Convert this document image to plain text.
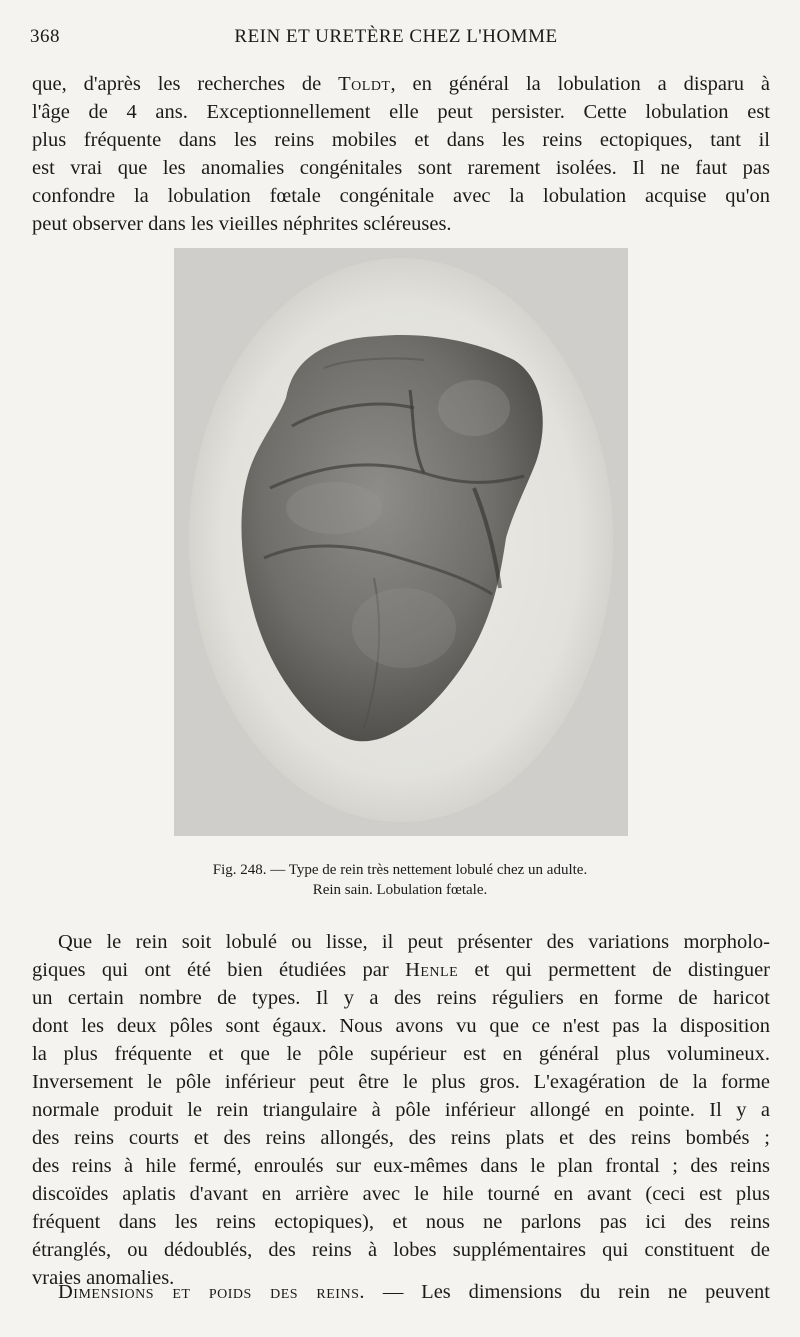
368	REIN ET URETÈRE CHEZ L'HOMME
que, d'après les recherches de Toldt, en général la lobulation a disparu à
l'âge de 4 ans. Exceptionnellement elle peut persister. Cette lobulation est
plus fréquente dans les reins mobiles et dans les reins ectopiques, tant il
est vrai que les anomalies congénitales sont rarement isolées. Il ne faut pas
confondre la lobulation fœtale congénitale avec la lobulation acquise qu'on
peut observer dans les vieilles néphrites scléreuses.
Fig. 248. — Type de rein très nettement lobulé chez un adulte.
Rein sain. Lobulation fœtale.
Que le rein soit lobulé ou lisse, il peut présenter des variations morpholo-
giques qui ont été bien étudiées par Henle et qui permettent de distinguer
un certain nombre de types. Il y a des reins réguliers en forme de haricot
dont les deux pôles sont égaux. Nous avons vu que ce n'est pas la disposition
la plus fréquente et que le pôle supérieur est en général plus volumineux.
Inversement le pôle inférieur peut être le plus gros. L'exagération de la forme
normale produit le rein triangulaire à pôle inférieur allongé en pointe. Il y a
des reins courts et des reins allongés, des reins plats et des reins bombés ;
des reins à hile fermé, enroulés sur eux-mêmes dans le plan frontal ; des reins
discoïdes aplatis d'avant en arrière avec le hile tourné en avant (ceci est plus
fréquent dans les reins ectopiques), et nous ne parlons pas ici des reins
étranglés, ou dédoublés, des reins à lobes supplémentaires qui constituent de
vraies anomalies.
Dimensions et poids des reins. — Les dimensions du rein ne peuvent
